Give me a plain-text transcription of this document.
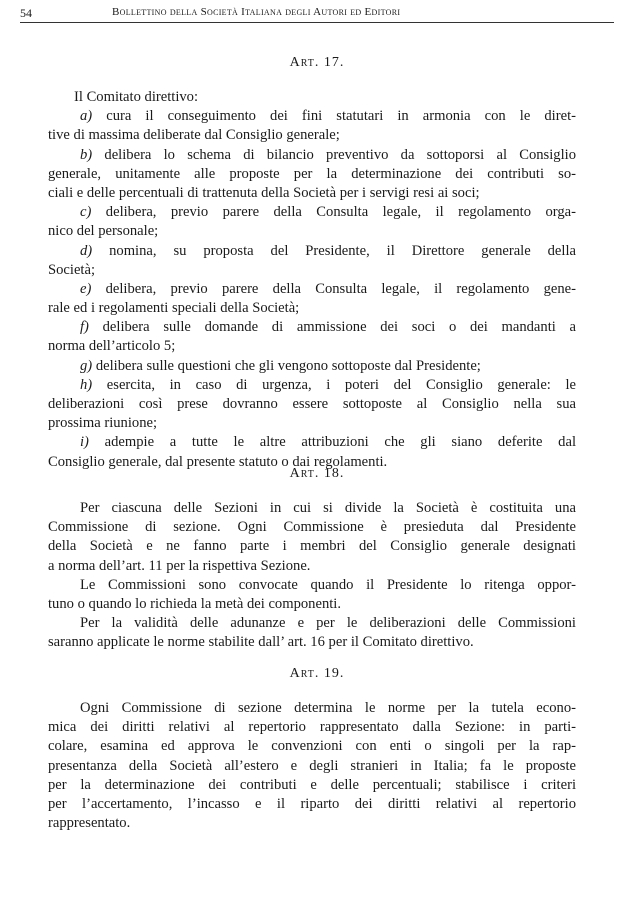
54	Bollettino della Società Italiana degli Autori ed Editori
Art. 17.
Il Comitato direttivo:
a) cura il conseguimento dei fini statutari in armonia con le diret-
tive di massima deliberate dal Consiglio generale;
b) delibera lo schema di bilancio preventivo da sottoporsi al Consiglio
generale, unitamente alle proposte per la determinazione dei contributi so-
ciali e delle percentuali di trattenuta della Società per i servigi resi ai soci;
c) delibera, previo parere della Consulta legale, il regolamento orga-
nico del personale;
d) nomina, su proposta del Presidente, il Direttore generale della
Società;
e) delibera, previo parere della Consulta legale, il regolamento gene-
rale ed i regolamenti speciali della Società;
f) delibera sulle domande di ammissione dei soci o dei mandanti a
norma dell’articolo 5;
g) delibera sulle questioni che gli vengono sottoposte dal Presidente;
h) esercita, in caso di urgenza, i poteri del Consiglio generale: le
deliberazioni così prese dovranno essere sottoposte al Consiglio nella sua
prossima riunione;
i) adempie a tutte le altre attribuzioni che gli siano deferite dal
Consiglio generale, dal presente statuto o dai regolamenti.
Art. 18.
Per ciascuna delle Sezioni in cui si divide la Società è costituita una
Commissione di sezione. Ogni Commissione è presieduta dal Presidente
della Società e ne fanno parte i membri del Consiglio generale designati
a norma dell’art. 11 per la rispettiva Sezione.
Le Commissioni sono convocate quando il Presidente lo ritenga oppor-
tuno o quando lo richieda la metà dei componenti.
Per la validità delle adunanze e per le deliberazioni delle Commissioni
saranno applicate le norme stabilite dall’ art. 16 per il Comitato direttivo.
Art. 19.
Ogni Commissione di sezione determina le norme per la tutela econo-
mica dei diritti relativi al repertorio rappresentato dalla Sezione: in parti-
colare, esamina ed approva le convenzioni con enti o singoli per la rap-
presentanza della Società all’estero e degli stranieri in Italia; fa le proposte
per la determinazione dei contributi e delle percentuali; stabilisce i criteri
per l’accertamento, l’incasso e il riparto dei diritti relativi al repertorio
rappresentato.
